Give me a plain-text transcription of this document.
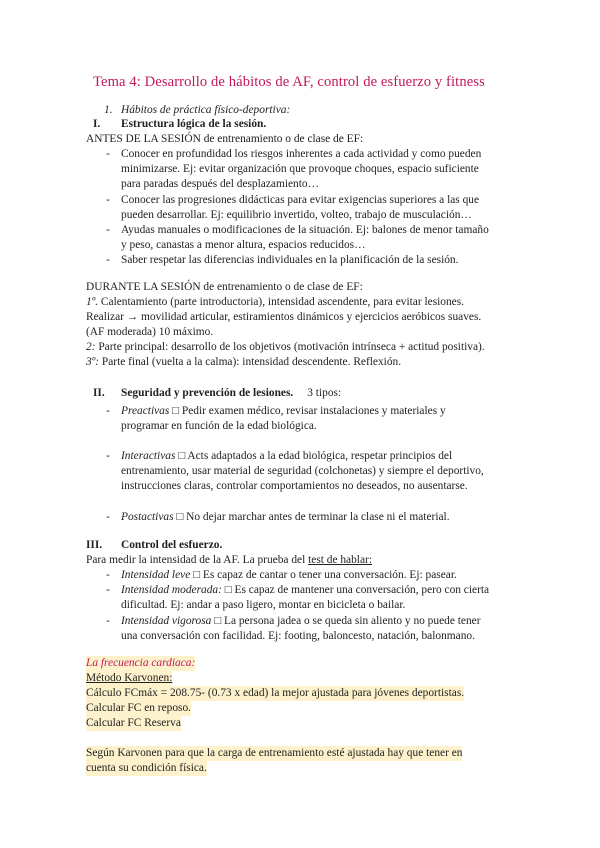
Tema 4: Desarrollo de hábitos de AF, control de esfuerzo y fitness
1. Hábitos de práctica físico-deportiva:
I. Estructura lógica de la sesión.
ANTES DE LA SESIÓN de entrenamiento o de clase de EF:
- Conocer en profundidad los riesgos inherentes a cada actividad y como pueden
minimizarse. Ej: evitar organización que provoque choques, espacio suficiente
para paradas después del desplazamiento…
- Conocer las progresiones didácticas para evitar exigencias superiores a las que
pueden desarrollar. Ej: equilibrio invertido, volteo, trabajo de musculación…
- Ayudas manuales o modificaciones de la situación. Ej: balones de menor tamaño
y peso, canastas a menor altura, espacios reducidos…
- Saber respetar las diferencias individuales en la planificación de la sesión.
DURANTE LA SESIÓN de entrenamiento o de clase de EF:
1º. Calentamiento (parte introductoria), intensidad ascendente, para evitar lesiones.
Realizar → movilidad articular, estiramientos dinámicos y ejercicios aeróbicos suaves.
(AF moderada) 10 máximo.
2: Parte principal: desarrollo de los objetivos (motivación intrínseca + actitud positiva).
3º: Parte final (vuelta a la calma): intensidad descendente. Reflexión.
II. Seguridad y prevención de lesiones. 3 tipos:
- Preactivas □ Pedir examen médico, revisar instalaciones y materiales y
programar en función de la edad biológica.
- Interactivas □ Acts adaptados a la edad biológica, respetar principios del
entrenamiento, usar material de seguridad (colchonetas) y siempre el deportivo,
instrucciones claras, controlar comportamientos no deseados, no ausentarse.
- Postactivas □ No dejar marchar antes de terminar la clase ni el material.
III. Control del esfuerzo.
Para medir la intensidad de la AF. La prueba del test de hablar:
- Intensidad leve □ Es capaz de cantar o tener una conversación. Ej: pasear.
- Intensidad moderada: □ Es capaz de mantener una conversación, pero con cierta
dificultad. Ej: andar a paso ligero, montar en bicicleta o bailar.
- Intensidad vigorosa □ La persona jadea o se queda sin aliento y no puede tener
una conversación con facilidad. Ej: footing, baloncesto, natación, balonmano.
La frecuencia cardiaca:
Método Karvonen:
Cálculo FCmáx = 208.75- (0.73 x edad) la mejor ajustada para jóvenes deportistas.
Calcular FC en reposo.
Calcular FC Reserva
Según Karvonen para que la carga de entrenamiento esté ajustada hay que tener en
cuenta su condición física.
